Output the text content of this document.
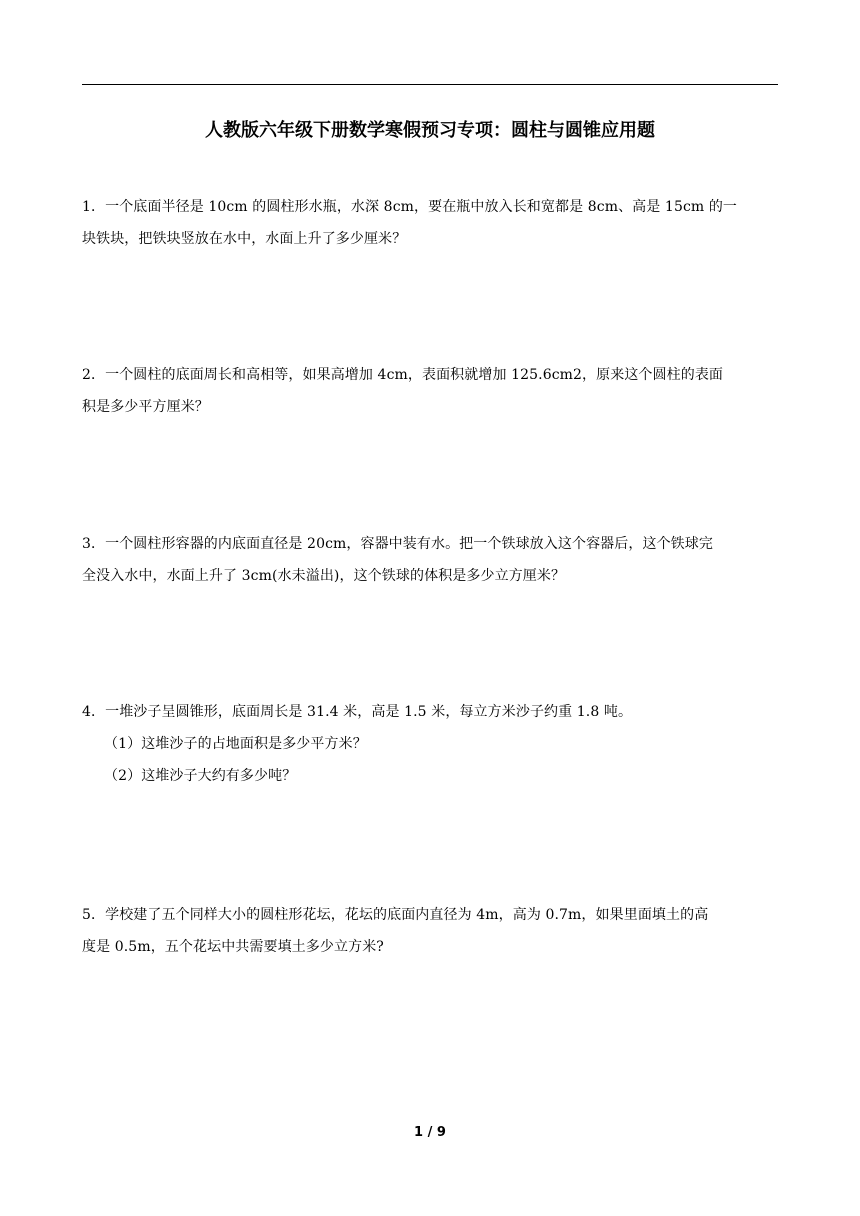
人教版六年级下册数学寒假预习专项：圆柱与圆锥应用题
1．一个底面半径是 10cm 的圆柱形水瓶，水深 8cm，要在瓶中放入长和宽都是 8cm、高是 15cm 的一
块铁块，把铁块竖放在水中，水面上升了多少厘米？
2．一个圆柱的底面周长和高相等，如果高增加 4cm，表面积就增加 125.6cm2，原来这个圆柱的表面
积是多少平方厘米？
3．一个圆柱形容器的内底面直径是 20cm，容器中装有水。把一个铁球放入这个容器后，这个铁球完
全没入水中，水面上升了 3cm(水未溢出)，这个铁球的体积是多少立方厘米？
4．一堆沙子呈圆锥形，底面周长是 31.4 米，高是 1.5 米，每立方米沙子约重 1.8 吨。
（1）这堆沙子的占地面积是多少平方米？
（2）这堆沙子大约有多少吨？
5．学校建了五个同样大小的圆柱形花坛，花坛的底面内直径为 4m，高为 0.7m，如果里面填土的高
度是 0.5m，五个花坛中共需要填土多少立方米?
1 / 9
